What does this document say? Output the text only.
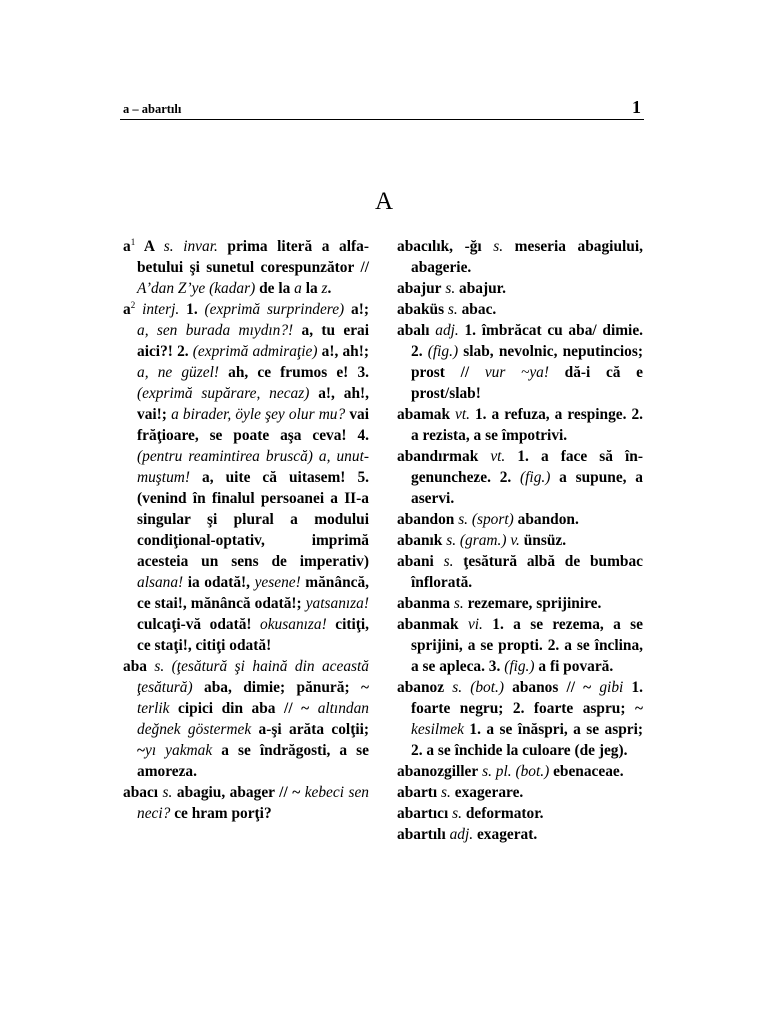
a – abartılı	1
A

$a^1$ A s. invar. prima literă a alfabetului şi sunetul corespunzător // A’dan Z’ye (kadar) de la a la z.

$a^2$ interj. 1. (exprimă surprindere) a!; a, sen burada mıydın?! a, tu erai aici?! 2. (exprimă admiraţie) a!, ah!; a, ne güzel! ah, ce frumos e! 3. (exprimă supărare, necaz) a!, ah!, vai!; a birader, öyle şey olur mu? vai frăţioare, se poate aşa ceva! 4. (pentru reamintirea bruscă) a, unutmuştum! a, uite că uitasem! 5. (venind în finalul persoanei a II-a singular şi plural a modului condiţional-optativ, imprimă acesteia un sens de imperativ) alsana! ia odată!, yesene! mănâncă, ce stai!, mănâncă odată!; yatsanıza! culcaţi-vă odată! okusanıza! citiţi, ce staţi!, citiţi odată!

aba s. (ţesătură şi haină din această ţesătură) aba, dimie; pănură; ~ terlik cipici din aba // ~ altından değnek göstermek a-şi arăta colţii; ~yı yakmak a se îndrăgosti, a se amoreza.

abacı s. abagiu, abager // ~ kebeci sen neci? ce hram porţi?

abacılık, -ğı s. meseria abagiului, abagerie.

abajur s. abajur.

abaküs s. abac.

abalı adj. 1. îmbrăcat cu aba/ dimie. 2. (fig.) slab, nevolnic, neputincios; prost // vur ~ya! dă-i că e prost/slab!

abamak vt. 1. a refuza, a respinge. 2. a rezista, a se împotrivi.

abandırmak vt. 1. a face să îngenuncheze. 2. (fig.) a supune, a aservi.

abandon s. (sport) abandon.

abanık s. (gram.) v. ünsüz.

abani s. ţesătură albă de bumbac înflorată.

abanma s. rezemare, sprijinire.

abanmak vi. 1. a se rezema, a se sprijini, a se propti. 2. a se înclina, a se apleca. 3. (fig.) a fi povară.

abanoz s. (bot.) abanos // ~ gibi 1. foarte negru; 2. foarte aspru; ~ kesilmek 1. a se înăspri, a se aspri; 2. a se închide la culoare (de jeg).

abanozgiller s. pl. (bot.) ebenaceae.

abartı s. exagerare.

abartıcı s. deformator.

abartılı adj. exagerat.
